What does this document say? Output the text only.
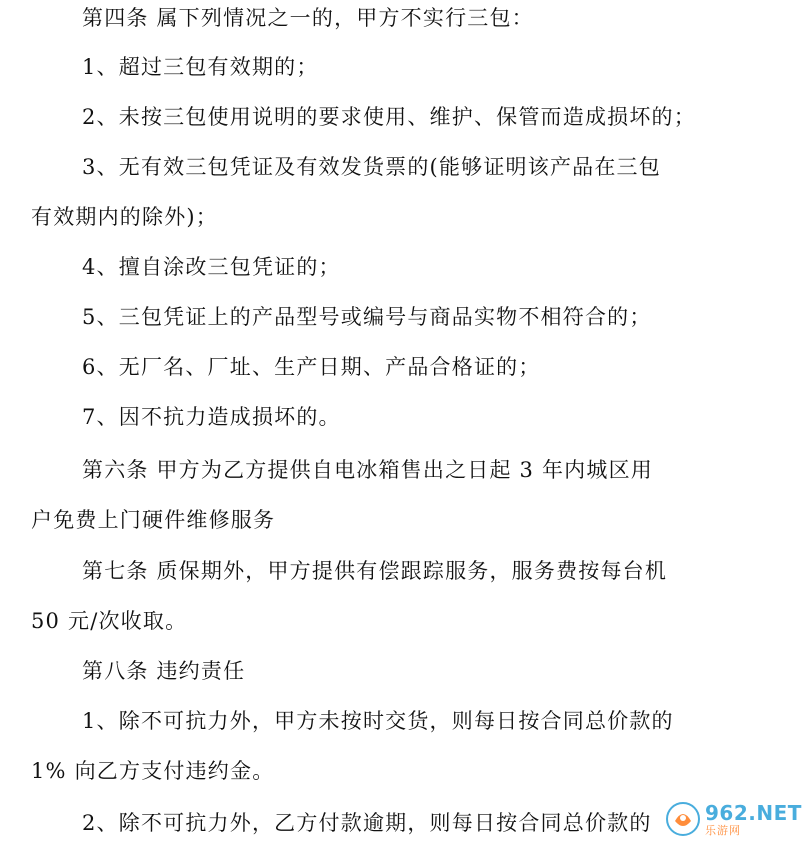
第四条 属下列情况之一的，甲方不实行三包：
1、超过三包有效期的；
2、未按三包使用说明的要求使用、维护、保管而造成损坏的；
3、无有效三包凭证及有效发货票的(能够证明该产品在三包
有效期内的除外)；
4、擅自涂改三包凭证的；
5、三包凭证上的产品型号或编号与商品实物不相符合的；
6、无厂名、厂址、生产日期、产品合格证的；
7、因不抗力造成损坏的。
第六条 甲方为乙方提供自电冰箱售出之日起 3 年内城区用
户免费上门硬件维修服务
第七条 质保期外，甲方提供有偿跟踪服务，服务费按每台机
50 元/次收取。
第八条 违约责任
1、除不可抗力外，甲方未按时交货，则每日按合同总价款的
1% 向乙方支付违约金。
2、除不可抗力外，乙方付款逾期，则每日按合同总价款的	962.NET
乐游网
